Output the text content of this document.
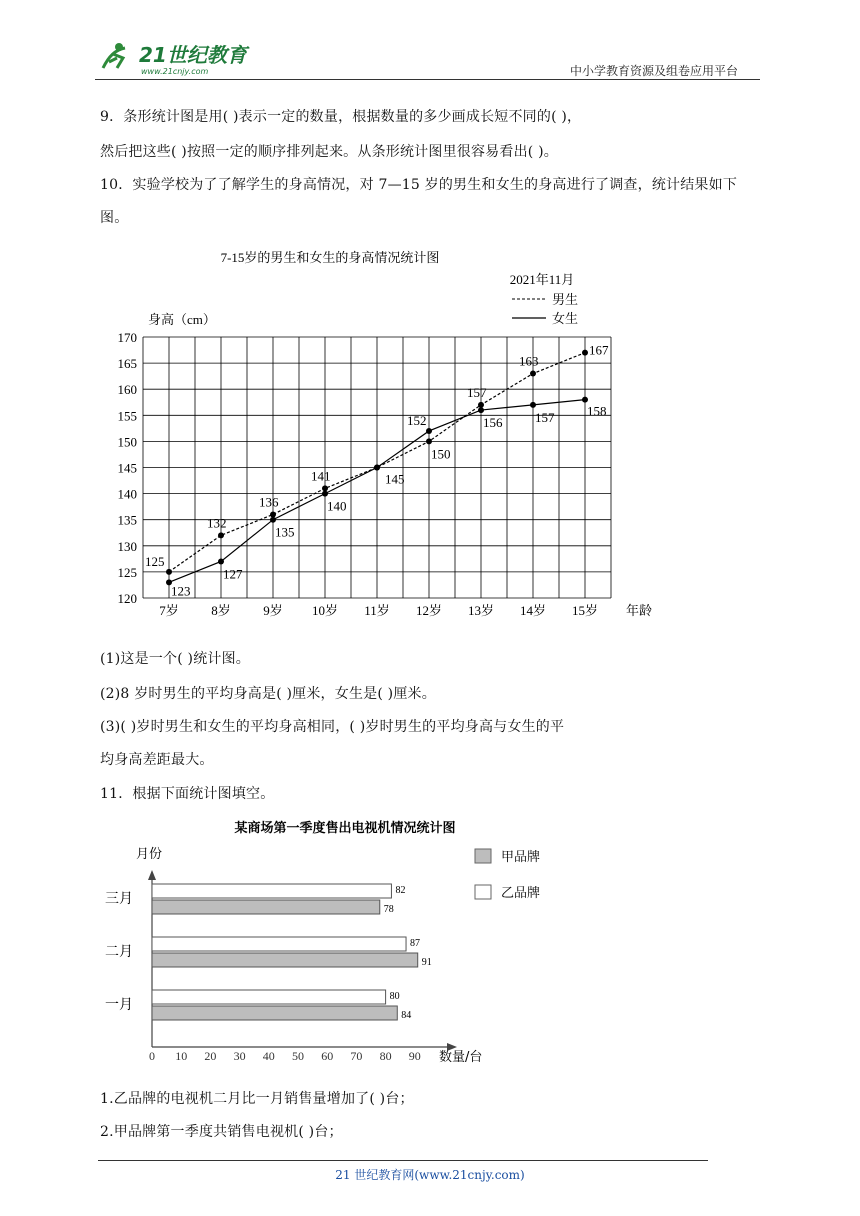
21世纪教育
www.21cnjy.com	中小学教育资源及组卷应用平台
9．条形统计图是用( )表示一定的数量，根据数量的多少画成长短不同的( )，
然后把这些( )按照一定的顺序排列起来。从条形统计图里很容易看出( )。
10．实验学校为了了解学生的身高情况，对 7—15 岁的男生和女生的身高进行了调查，统计结果如下
图。
7-15岁的男生和女生的身高情况统计图
2021年11月
男生
女生
身高（cm）
年龄
120
125
130
135
140
145
150
155
160
165
170
7岁 8岁 9岁 10岁 11岁 12岁 13岁 14岁 15岁
125
123
132
127
136
135
141
140
145
150
152
157
156
163
157
167
158
(1)这是一个( )统计图。
(2)8 岁时男生的平均身高是( )厘米，女生是( )厘米。
(3)( )岁时男生和女生的平均身高相同，( )岁时男生的平均身高与女生的平
均身高差距最大。
11．根据下面统计图填空。
某商场第一季度售出电视机情况统计图
月份
数量/台
甲品牌
乙品牌
0 10 20 30 40 50 60 70 80 90
一月
80
84
二月
87
91
三月
82
78
1.乙品牌的电视机二月比一月销售量增加了( )台；
2.甲品牌第一季度共销售电视机( )台；
21 世纪教育网(www.21cnjy.com)
